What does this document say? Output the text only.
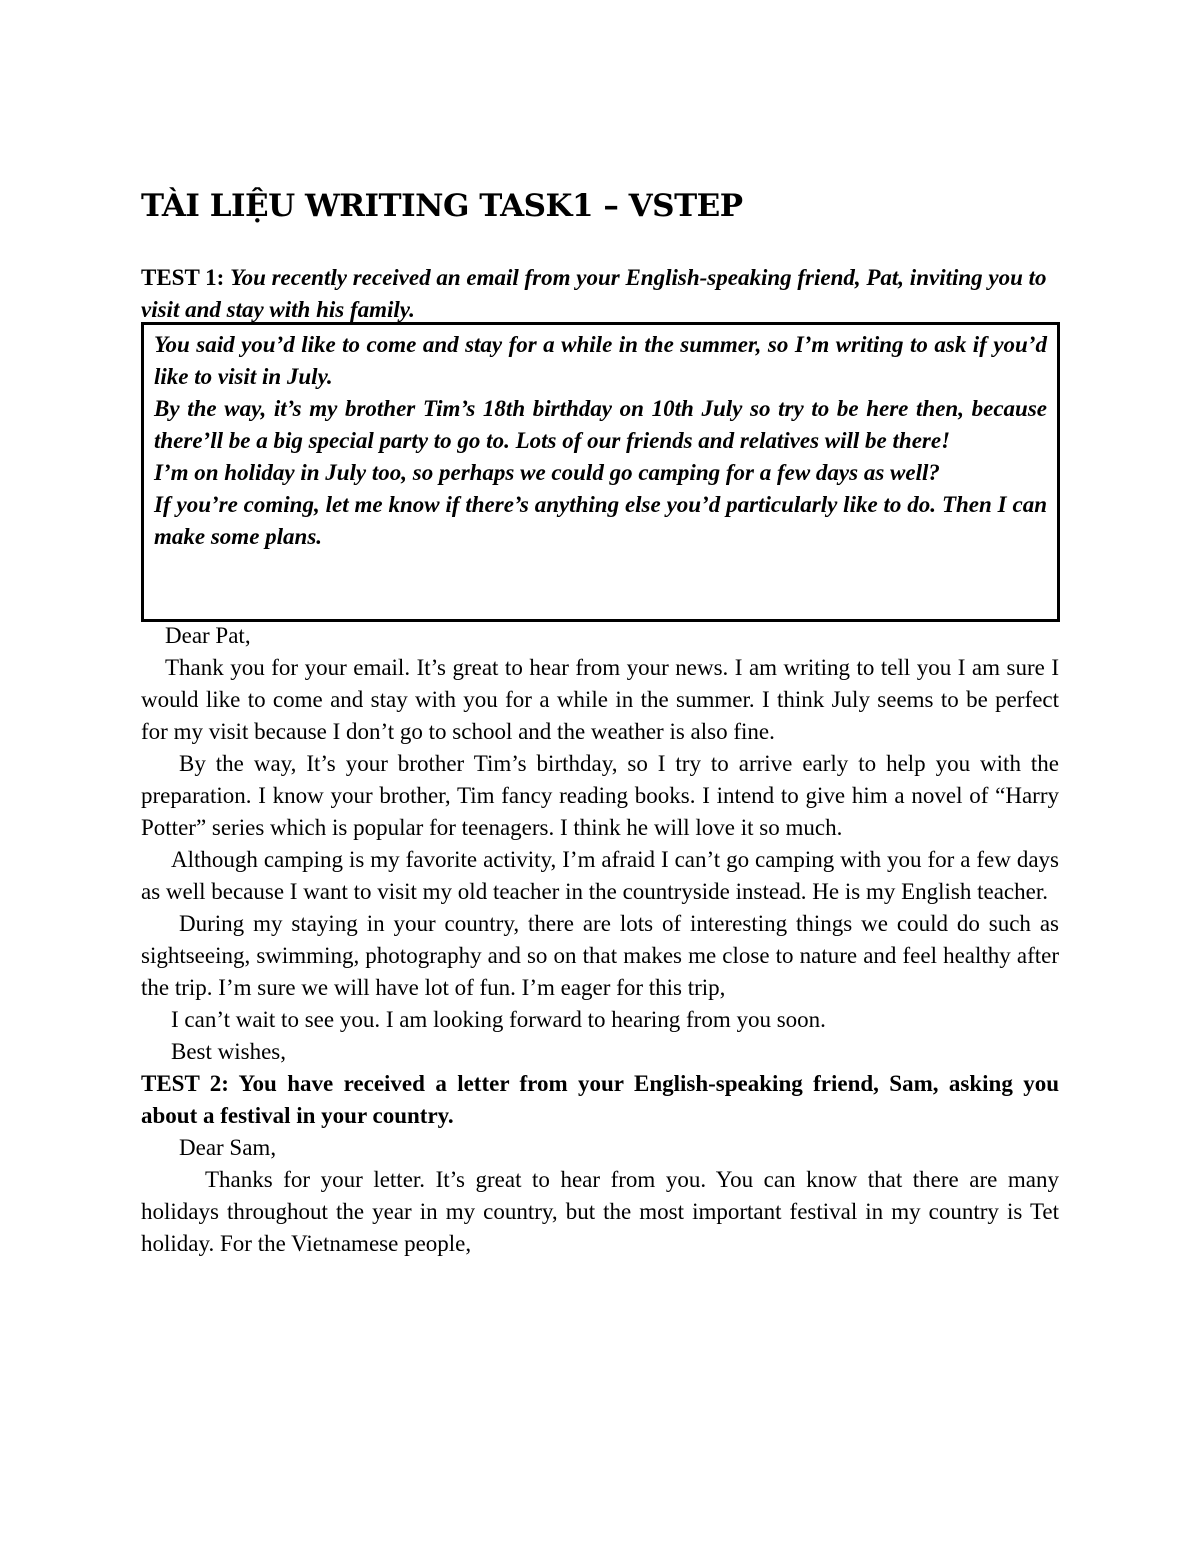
TÀI LIỆU WRITING TASK1 – VSTEP
TEST 1: You recently received an email from your English-speaking friend, Pat, inviting you to visit and stay with his family.

You said you’d like to come and stay for a while in the summer, so I’m writing to ask if you’d like to visit in July.

By the way, it’s my brother Tim’s 18th birthday on 10th July so try to be here then, because there’ll be a big special party to go to. Lots of our friends and relatives will be there!

I’m on holiday in July too, so perhaps we could go camping for a few days as well?

If you’re coming, let me know if there’s anything else you’d particularly like to do. Then I can make some plans.

Dear Pat,

Thank you for your email. It’s great to hear from your news. I am writing to tell you I am sure I would like to come and stay with you for a while in the summer. I think July seems to be perfect for my visit because I don’t go to school and the weather is also fine.

By the way, It’s your brother Tim’s birthday, so I try to arrive early to help you with the preparation. I know your brother, Tim fancy reading books. I intend to give him a novel of “Harry Potter” series which is popular for teenagers. I think he will love it so much.

Although camping is my favorite activity, I’m afraid I can’t go camping with you for a few days as well because I want to visit my old teacher in the countryside instead. He is my English teacher.

During my staying in your country, there are lots of interesting things we could do such as sightseeing, swimming, photography and so on that makes me close to nature and feel healthy after the trip. I’m sure we will have lot of fun. I’m eager for this trip,

I can’t wait to see you. I am looking forward to hearing from you soon.

Best wishes,

TEST 2: You have received a letter from your English-speaking friend, Sam, asking you about a festival in your country.

Dear Sam,

Thanks for your letter. It’s great to hear from you. You can know that there are many holidays throughout the year in my country, but the most important festival in my country is Tet holiday. For the Vietnamese people,
